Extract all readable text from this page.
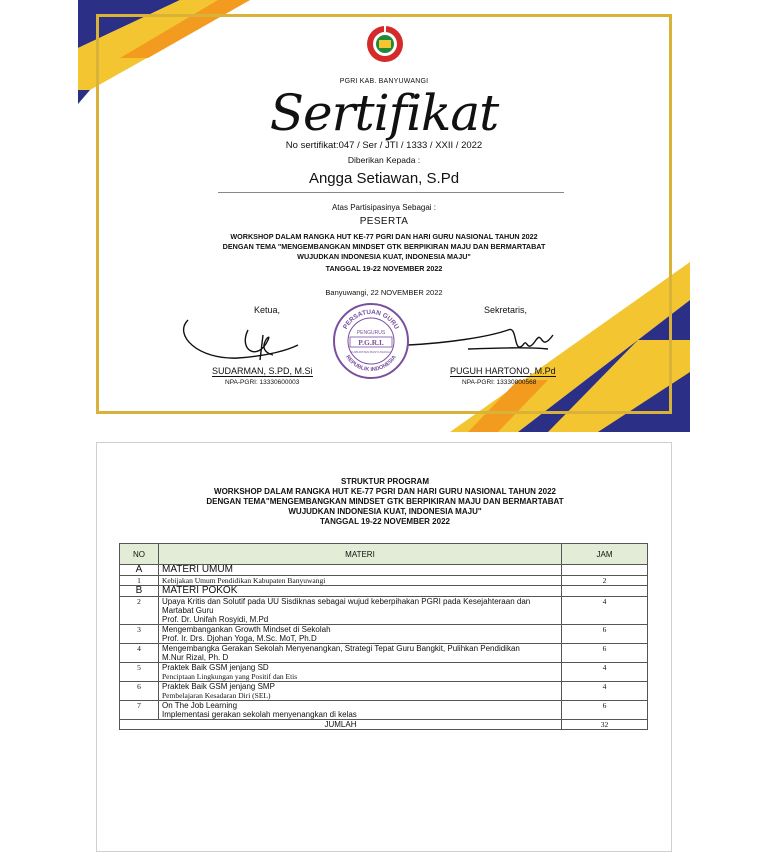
PGRI KAB. BANYUWANGI
Sertifikat
No sertifikat:047 / Ser / JTI / 1333 / XXII / 2022
Diberikan Kepada :
Angga Setiawan, S.Pd
Atas Partisipasinya Sebagai :
PESERTA
WORKSHOP DALAM RANGKA HUT KE-77 PGRI DAN HARI GURU NASIONAL TAHUN 2022
DENGAN TEMA "MENGEMBANGKAN MINDSET GTK BERPIKIRAN MAJU DAN BERMARTABAT
WUJUDKAN INDONESIA KUAT, INDONESIA MAJU"
TANGGAL 19-22 NOVEMBER 2022
Banyuwangi, 22 NOVEMBER 2022
Ketua,	Sekretaris,
PERSATUAN GURU
REPUBLIK INDONESIA
PENGURUS
P.G.R.I.
KABUPATEN BANYUWANGI
SUDARMAN, S.PD, M.Si
NPA-PGRI: 13330600003
PUGUH HARTONO, M.Pd
NPA-PGRI: 13330800568
STRUKTUR PROGRAM
WORKSHOP DALAM RANGKA HUT KE-77 PGRI DAN HARI GURU NASIONAL TAHUN 2022
DENGAN TEMA"MENGEMBANGKAN MINDSET GTK BERPIKIRAN MAJU DAN BERMARTABAT
WUJUDKAN INDONESIA KUAT, INDONESIA MAJU"
TANGGAL 19-22 NOVEMBER 2022
NO	MATERI	JAM
A	MATERI UMUM	
1	Kebijakan Umum Pendidikan Kabupaten Banyuwangi	2
B	MATERI POKOK	
2	Upaya Kritis dan Solutif pada UU Sisdiknas sebagai wujud keberpihakan PGRI pada Kesejahteraan dan Martabat Guru
Prof. Dr. Unifah Rosyidi, M.Pd	4
3	Mengembangankan Growth Mindset di Sekolah
Prof. Ir. Drs. Djohan Yoga, M.Sc. MoT, Ph.D	6
4	Mengembangka Gerakan Sekolah Menyenangkan, Strategi Tepat Guru Bangkit, Pulihkan Pendidikan
M.Nur Rizal, Ph. D	6
5	Praktek Baik GSM jenjang SD
Penciptaan Lingkungan yang Positif dan Etis	4
6	Praktek Baik GSM jenjang SMP
Pembelajaran Kesadaran Diri (SEL)	4
7	On The Job Learning
Implementasi gerakan sekolah menyenangkan di kelas	6
JUMLAH		32
